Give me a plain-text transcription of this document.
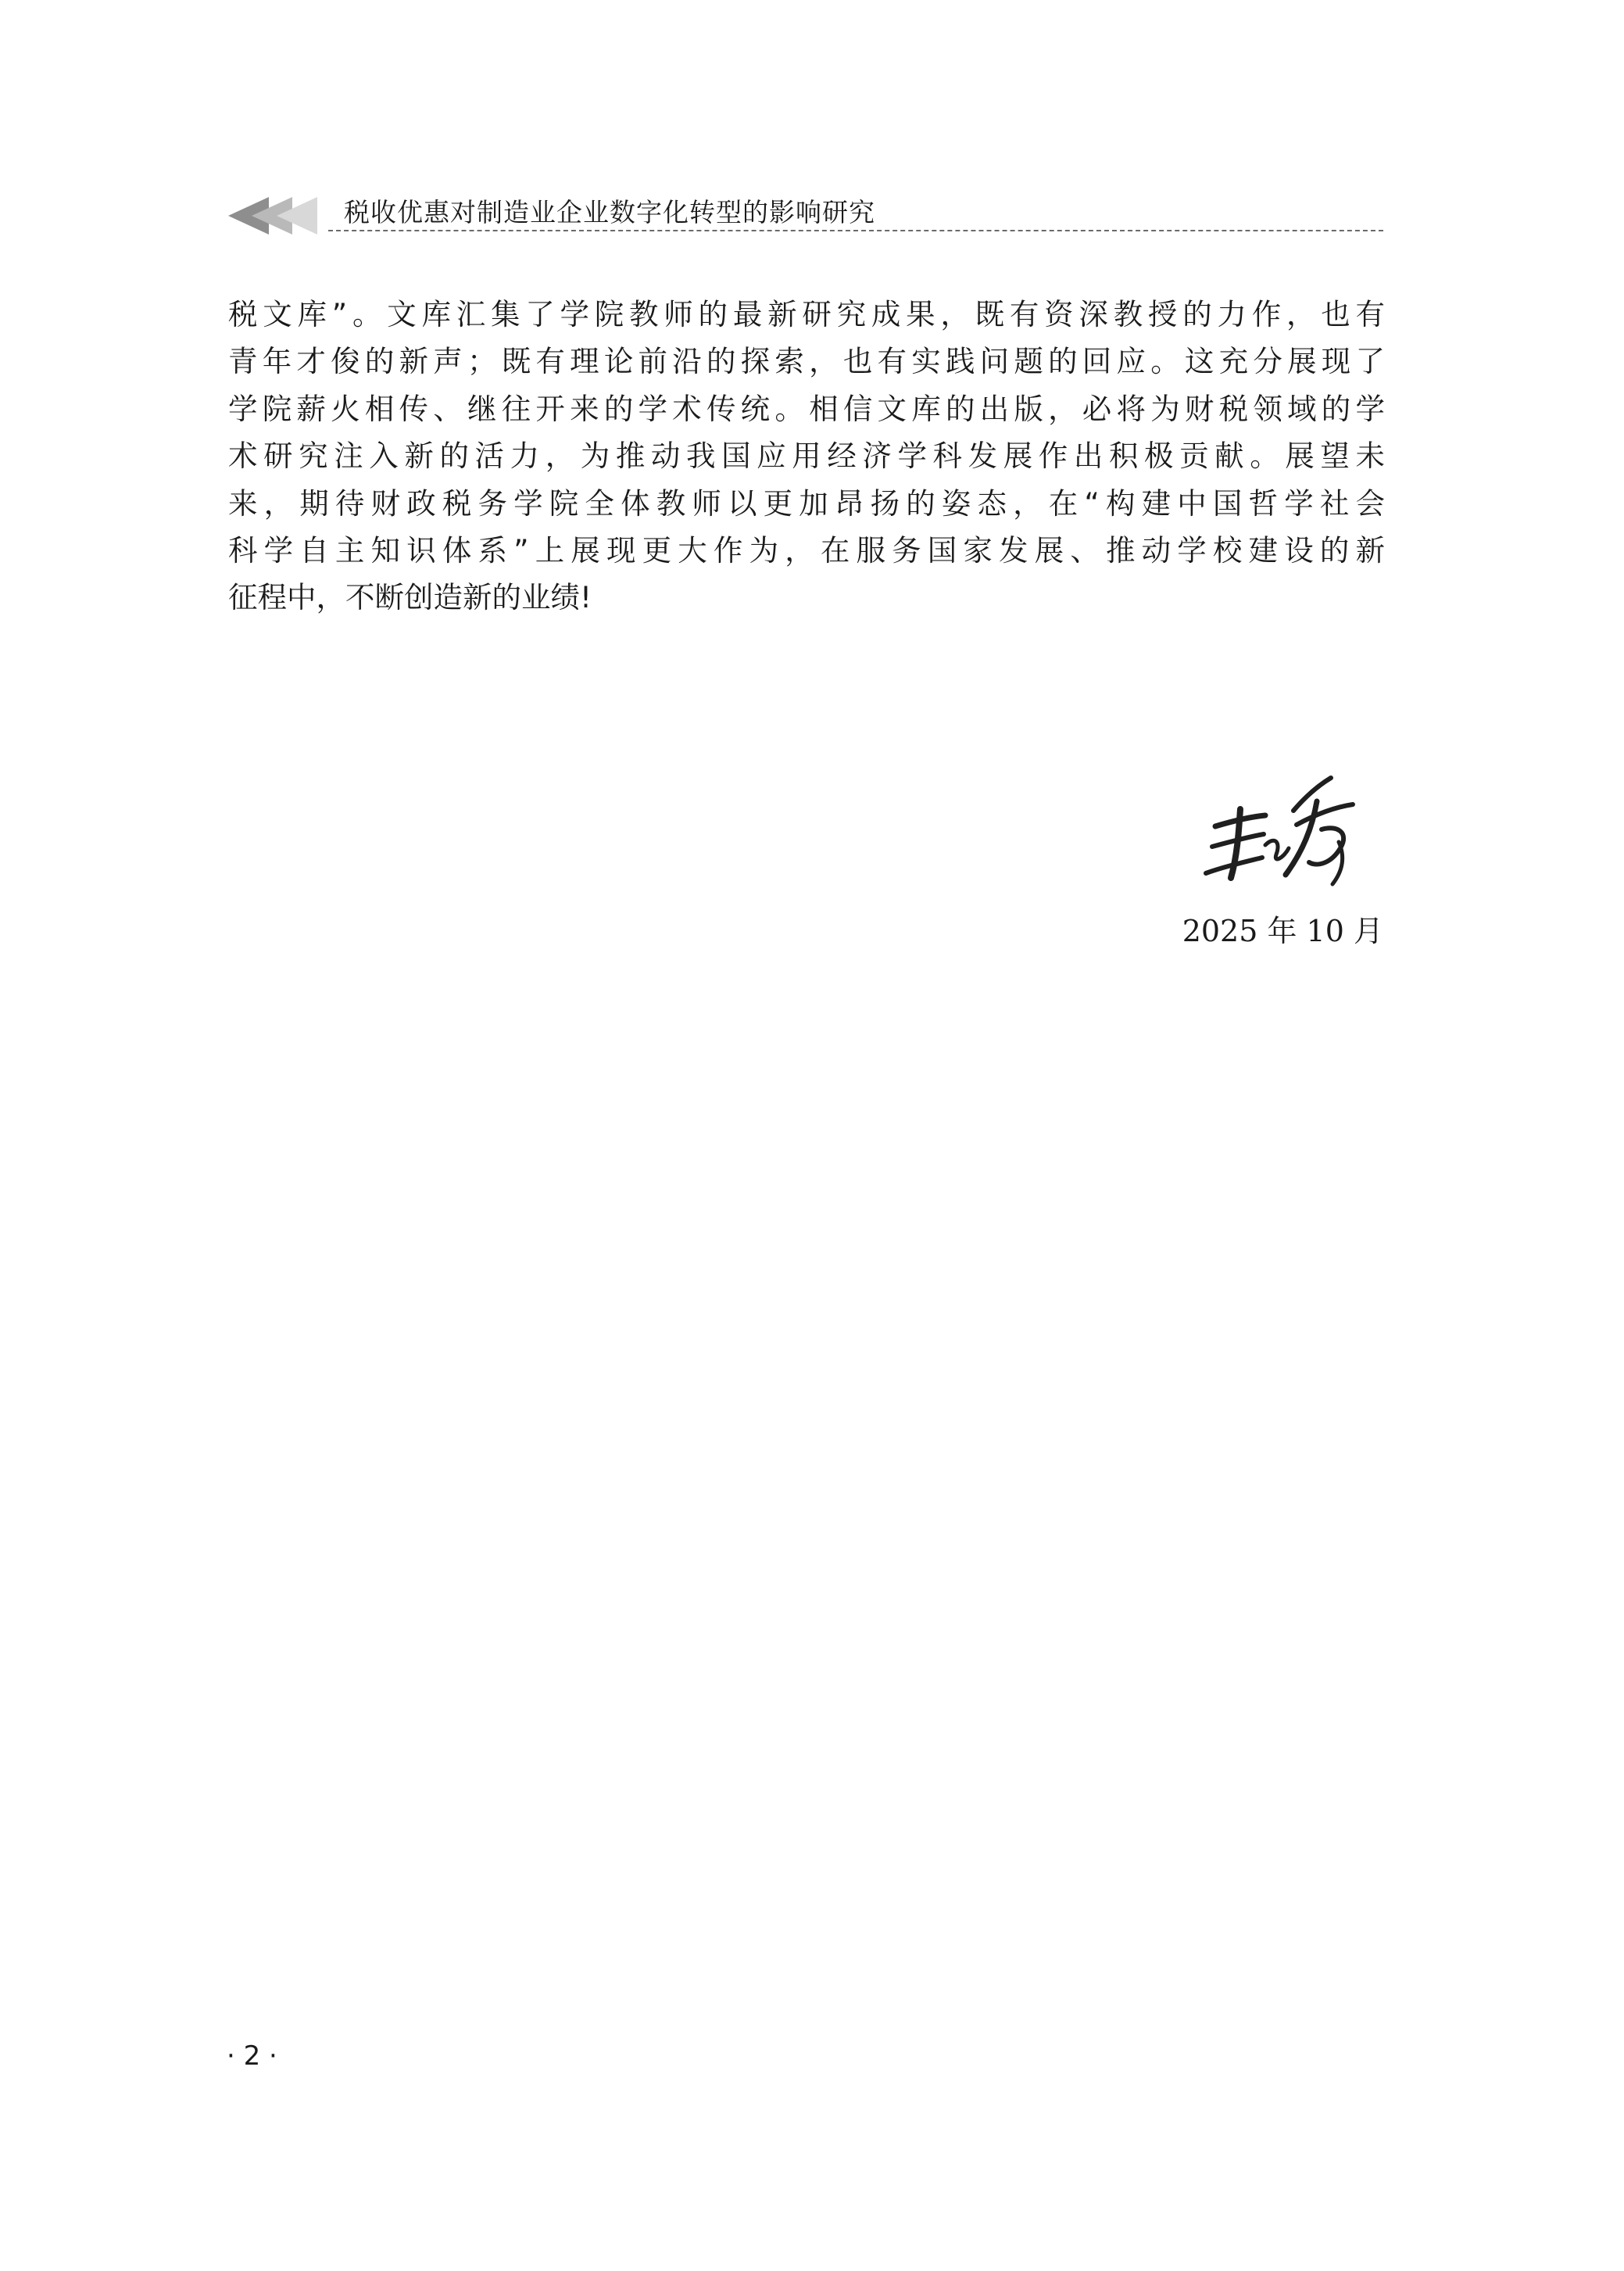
税收优惠对制造业企业数字化转型的影响研究
税文库”。文库汇集了学院教师的最新研究成果，既有资深教授的力作，也有
青年才俊的新声；既有理论前沿的探索，也有实践问题的回应。这充分展现了
学院薪火相传、继往开来的学术传统。相信文库的出版，必将为财税领域的学
术研究注入新的活力，为推动我国应用经济学科发展作出积极贡献。展望未
来，期待财政税务学院全体教师以更加昂扬的姿态，在“构建中国哲学社会
科学自主知识体系”上展现更大作为，在服务国家发展、推动学校建设的新
征程中，不断创造新的业绩!
2025 年 10 月
· 2 ·
